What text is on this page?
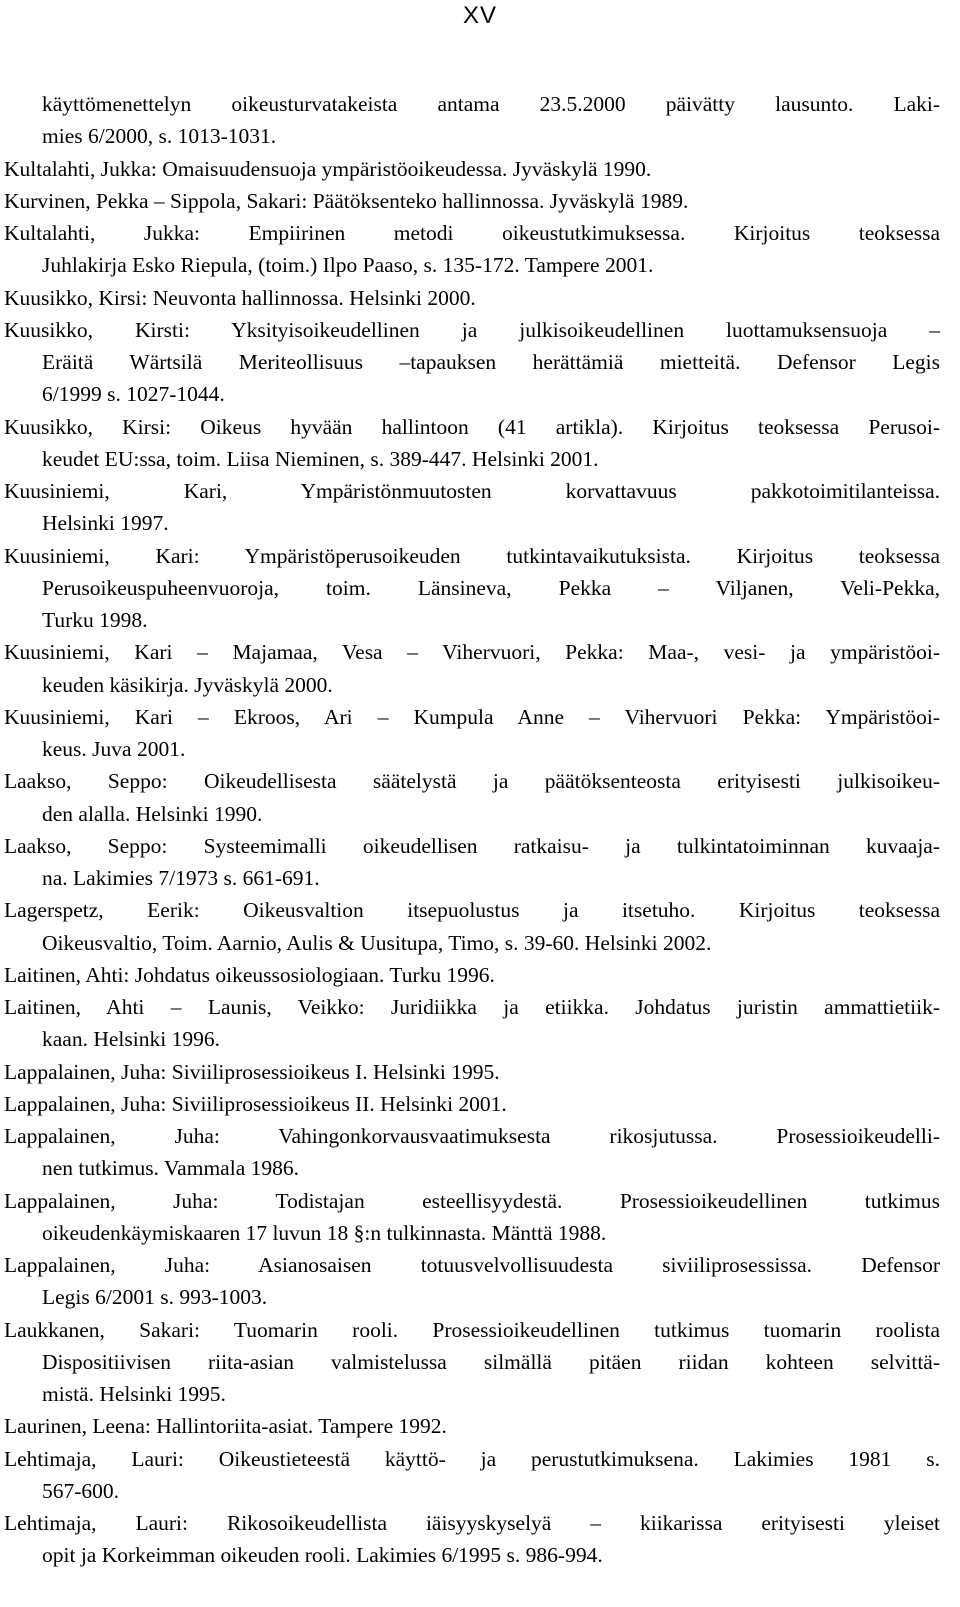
XV
käyttömenettelyn oikeusturvatakeista antama 23.5.2000 päivätty lausunto. Laki-
mies 6/2000, s. 1013-1031.
Kultalahti, Jukka: Omaisuudensuoja ympäristöoikeudessa. Jyväskylä 1990.
Kurvinen, Pekka – Sippola, Sakari: Päätöksenteko hallinnossa. Jyväskylä 1989.
Kultalahti, Jukka: Empiirinen metodi oikeustutkimuksessa. Kirjoitus teoksessa
Juhlakirja Esko Riepula, (toim.) Ilpo Paaso, s. 135-172. Tampere 2001.
Kuusikko, Kirsi: Neuvonta hallinnossa. Helsinki 2000.
Kuusikko, Kirsti: Yksityisoikeudellinen ja julkisoikeudellinen luottamuksensuoja –
Eräitä Wärtsilä Meriteollisuus –tapauksen herättämiä mietteitä. Defensor Legis
6/1999 s. 1027-1044.
Kuusikko, Kirsi: Oikeus hyvään hallintoon (41 artikla). Kirjoitus teoksessa Perusoi-
keudet EU:ssa, toim. Liisa Nieminen, s. 389-447. Helsinki 2001.
Kuusiniemi, Kari, Ympäristönmuutosten korvattavuus pakkotoimitilanteissa.
Helsinki 1997.
Kuusiniemi, Kari: Ympäristöperusoikeuden tutkintavaikutuksista. Kirjoitus teoksessa
Perusoikeuspuheenvuoroja, toim. Länsineva, Pekka – Viljanen, Veli-Pekka,
Turku 1998.
Kuusiniemi, Kari – Majamaa, Vesa – Vihervuori, Pekka: Maa-, vesi- ja ympäristöoi-
keuden käsikirja. Jyväskylä 2000.
Kuusiniemi, Kari – Ekroos, Ari – Kumpula Anne – Vihervuori Pekka: Ympäristöoi-
keus. Juva 2001.
Laakso, Seppo: Oikeudellisesta säätelystä ja päätöksenteosta erityisesti julkisoikeu-
den alalla. Helsinki 1990.
Laakso, Seppo: Systeemimalli oikeudellisen ratkaisu- ja tulkintatoiminnan kuvaaja-
na. Lakimies 7/1973 s. 661-691.
Lagerspetz, Eerik: Oikeusvaltion itsepuolustus ja itsetuho. Kirjoitus teoksessa
Oikeusvaltio, Toim. Aarnio, Aulis & Uusitupa, Timo, s. 39-60. Helsinki 2002.
Laitinen, Ahti: Johdatus oikeussosiologiaan. Turku 1996.
Laitinen, Ahti – Launis, Veikko: Juridiikka ja etiikka. Johdatus juristin ammattietiik-
kaan. Helsinki 1996.
Lappalainen, Juha: Siviiliprosessioikeus I. Helsinki 1995.
Lappalainen, Juha: Siviiliprosessioikeus II. Helsinki 2001.
Lappalainen, Juha: Vahingonkorvausvaatimuksesta rikosjutussa. Prosessioikeudelli-
nen tutkimus. Vammala 1986.
Lappalainen, Juha: Todistajan esteellisyydestä. Prosessioikeudellinen tutkimus
oikeudenkäymiskaaren 17 luvun 18 §:n tulkinnasta. Mänttä 1988.
Lappalainen, Juha: Asianosaisen totuusvelvollisuudesta siviiliprosessissa. Defensor
Legis 6/2001 s. 993-1003.
Laukkanen, Sakari: Tuomarin rooli. Prosessioikeudellinen tutkimus tuomarin roolista
Dispositiivisen riita-asian valmistelussa silmällä pitäen riidan kohteen selvittä-
mistä. Helsinki 1995.
Laurinen, Leena: Hallintoriita-asiat. Tampere 1992.
Lehtimaja, Lauri: Oikeustieteestä käyttö- ja perustutkimuksena. Lakimies 1981 s.
567-600.
Lehtimaja, Lauri: Rikosoikeudellista iäisyyskyselyä – kiikarissa erityisesti yleiset
opit ja Korkeimman oikeuden rooli. Lakimies 6/1995 s. 986-994.
